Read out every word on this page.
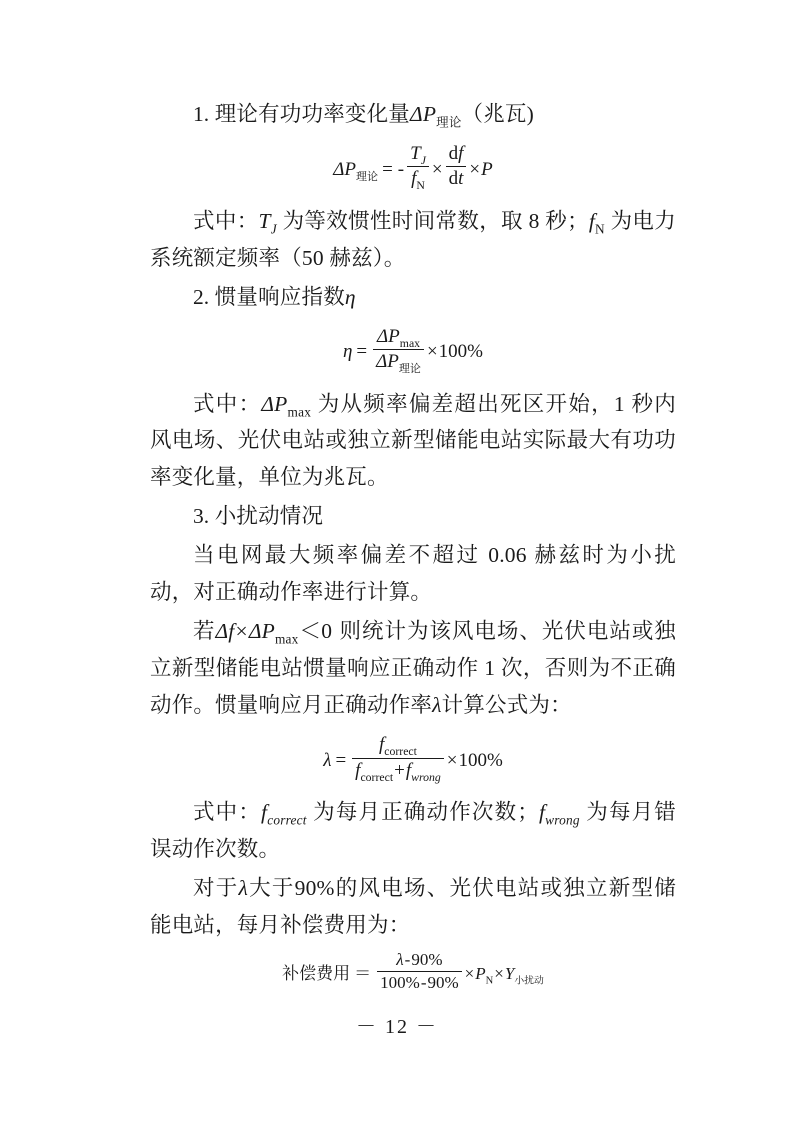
1. 理论有功功率变化量$\Delta P_{理论}$（兆瓦)
$\Delta P_{理论}$ = - $\frac{T_J}{f_N} \times \frac{df}{dt} \times P$

式中：$T_J$ 为等效惯性时间常数，取 8 秒；$f_N$ 为电力系统额定频率（50 赫兹）。

2. 惯量响应指数η
$\eta = \frac{\Delta P_{max}}{\Delta P_{理论}} \times 100\%$

式中：$\Delta P_{max}$ 为从频率偏差超出死区开始，1 秒内风电场、光伏电站或独立新型储能电站实际最大有功功率变化量，单位为兆瓦。

3. 小扰动情况

当电网最大频率偏差不超过 0.06 赫兹时为小扰动，对正确动作率进行计算。

若$\Delta f\times\Delta P_{max}<0$ 则统计为该风电场、光伏电站或独立新型储能电站惯量响应正确动作 1 次，否则为不正确动作。惯量响应月正确动作率λ计算公式为：

$\lambda = \frac{f_{correct}}{f_{correct}+f_{wrong}} \times 100\%$

式中：$f_{correct}$ 为每月正确动作次数；$f_{wrong}$ 为每月错误动作次数。

对于λ大于90%的风电场、光伏电站或独立新型储能电站，每月补偿费用为：

补偿费用 ＝ $\frac{\lambda-90\%}{100\%-90\%} \times P_N\times Y_{小扰动}$
－ 12 －
